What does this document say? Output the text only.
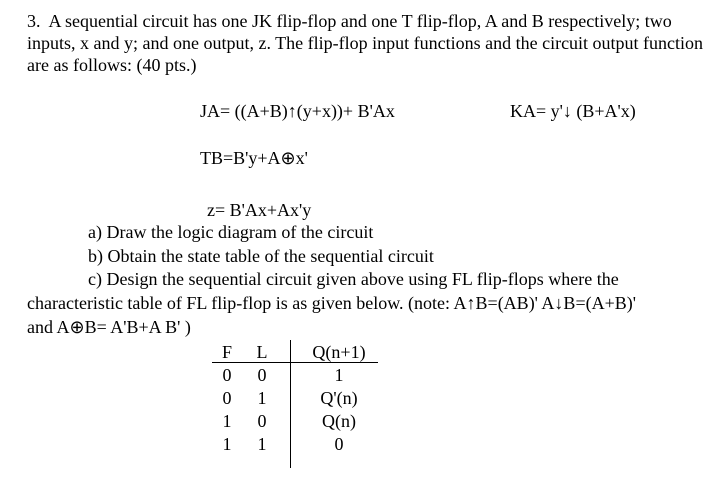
3. A sequential circuit has one JK flip-flop and one T flip-flop, A and B respectively; two inputs, x and y; and one output, z. The flip-flop input functions and the circuit output function are as follows: (40 pts.)
JA= ((A+B)↑(y+x))+ B'Ax	KA= y'↓ (B+A'x)
TB=B'y+A⊕x'
z= B'Ax+Ax'y
a) Draw the logic diagram of the circuit
b) Obtain the state table of the sequential circuit
c) Design the sequential circuit given above using FL flip-flops where the
characteristic table of FL flip-flop is as given below. (note: A↑B=(AB)' A↓B=(A+B)'
and A⊕B= A'B+A B' )
F L	Q(n+1)
0 0	1
0 1	Q'(n)
1 0	Q(n)
1 1	0
